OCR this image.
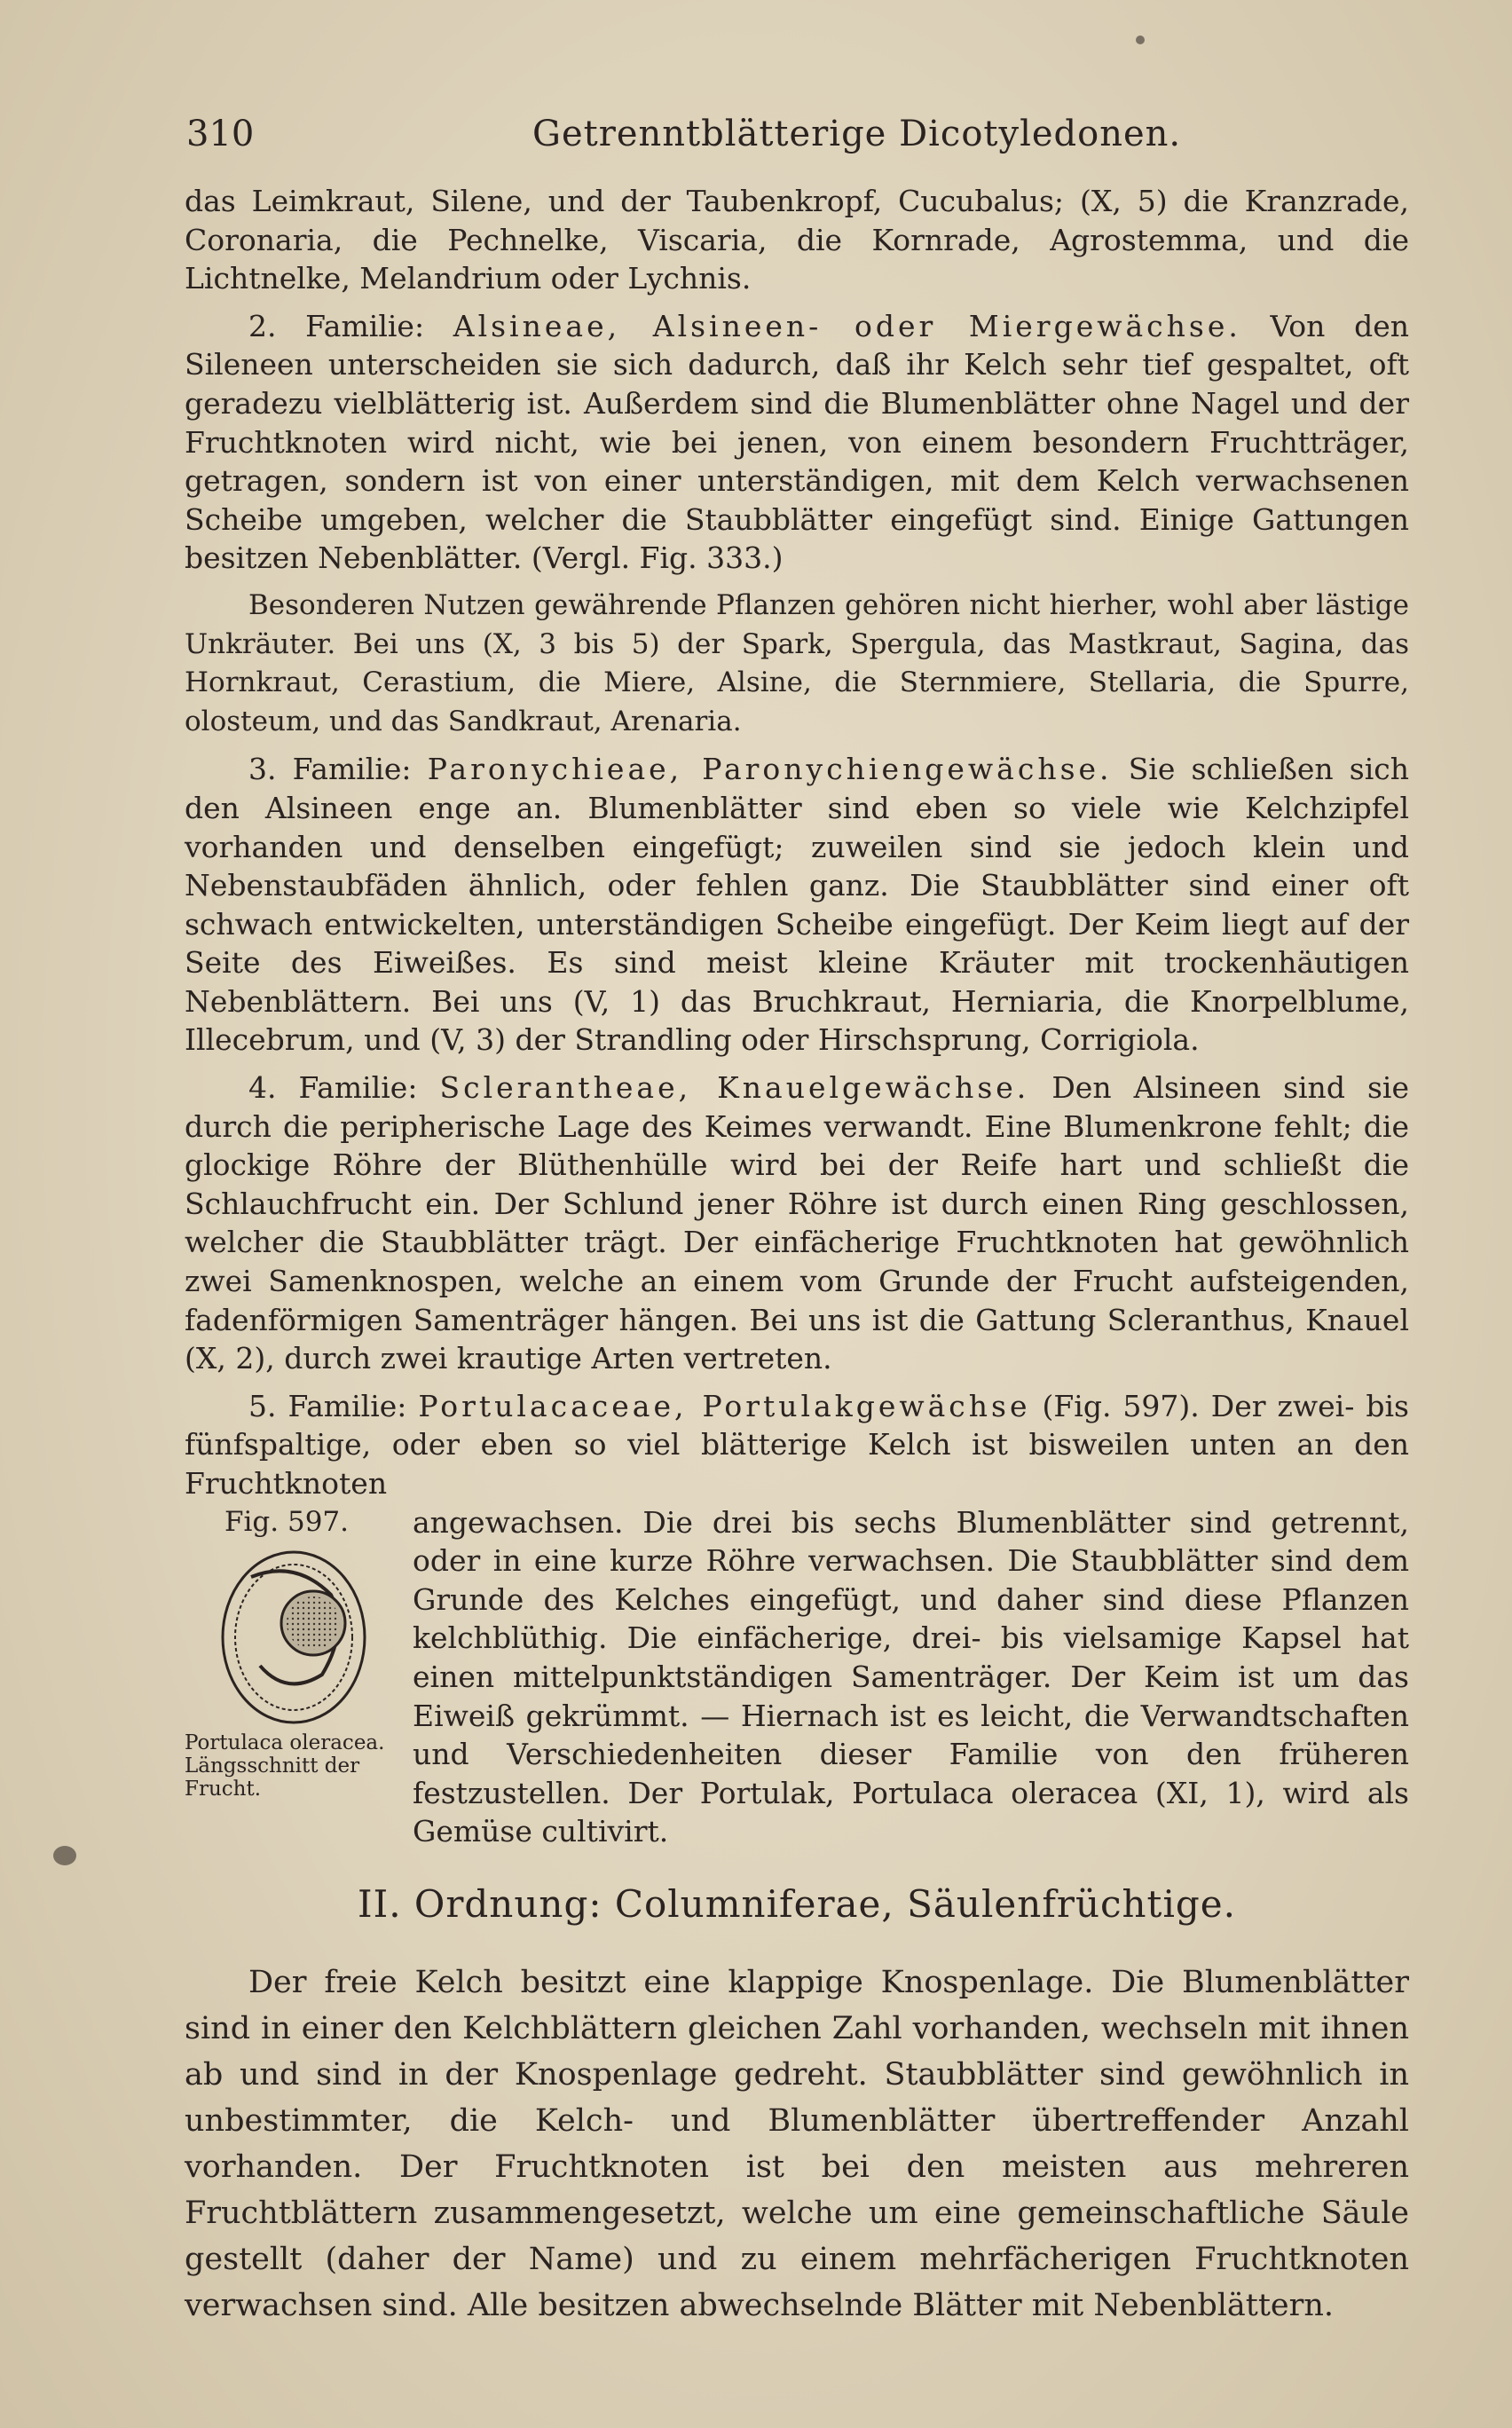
310	Getrenntblätterige Dicotyledonen.

das Leimkraut, Silene, und der Taubenkropf, Cucubalus; (X, 5) die Kranzrade, Coronaria, die Pechnelke, Viscaria, die Kornrade, Agrostemma, und die Lichtnelke, Melandrium oder Lychnis.

2. Familie: Alsineae, Alsineen- oder Miergewächse. Von den Sileneen unterscheiden sie sich dadurch, daß ihr Kelch sehr tief gespaltet, oft geradezu vielblätterig ist. Außerdem sind die Blumenblätter ohne Nagel und der Fruchtknoten wird nicht, wie bei jenen, von einem besondern Fruchtträger, getragen, sondern ist von einer unterständigen, mit dem Kelch verwachsenen Scheibe umgeben, welcher die Staubblätter eingefügt sind. Einige Gattungen besitzen Nebenblätter. (Vergl. Fig. 333.)

Besonderen Nutzen gewährende Pflanzen gehören nicht hierher, wohl aber lästige Unkräuter. Bei uns (X, 3 bis 5) der Spark, Spergula, das Mastkraut, Sagina, das Hornkraut, Cerastium, die Miere, Alsine, die Sternmiere, Stellaria, die Spurre, olosteum, und das Sandkraut, Arenaria.

3. Familie: Paronychieae, Paronychiengewächse. Sie schließen sich den Alsineen enge an. Blumenblätter sind eben so viele wie Kelchzipfel vorhanden und denselben eingefügt; zuweilen sind sie jedoch klein und Nebenstaubfäden ähnlich, oder fehlen ganz. Die Staubblätter sind einer oft schwach entwickelten, unterständigen Scheibe eingefügt. Der Keim liegt auf der Seite des Eiweißes. Es sind meist kleine Kräuter mit trockenhäutigen Nebenblättern. Bei uns (V, 1) das Bruchkraut, Herniaria, die Knorpelblume, Illecebrum, und (V, 3) der Strandling oder Hirschsprung, Corrigiola.

4. Familie: Scleranthеae, Knauelgewächse. Den Alsineen sind sie durch die peripherische Lage des Keimes verwandt. Eine Blumenkrone fehlt; die glockige Röhre der Blüthenhülle wird bei der Reife hart und schließt die Schlauchfrucht ein. Der Schlund jener Röhre ist durch einen Ring geschlossen, welcher die Staubblätter trägt. Der einfächerige Fruchtknoten hat gewöhnlich zwei Samenknospen, welche an einem vom Grunde der Frucht aufsteigenden, fadenförmigen Samenträger hängen. Bei uns ist die Gattung Scleranthus, Knauel (X, 2), durch zwei krautige Arten vertreten.

5. Familie: Portulacaceae, Portulakgewächse (Fig. 597). Der zwei- bis fünfspaltige, oder eben so viel blätterige Kelch ist bisweilen unten an den Fruchtknoten

Fig. 597.
Portulaca oleracea. Längsschnitt der Frucht.
angewachsen. Die drei bis sechs Blumenblätter sind getrennt, oder in eine kurze Röhre verwachsen. Die Staubblätter sind dem Grunde des Kelches eingefügt, und daher sind diese Pflanzen kelchblüthig. Die einfächerige, drei- bis vielsamige Kapsel hat einen mittelpunktständigen Samenträger. Der Keim ist um das Eiweiß gekrümmt. — Hiernach ist es leicht, die Verwandtschaften und Verschiedenheiten dieser Familie von den früheren festzustellen. Der Portulak, Portulaca oleracea (XI, 1), wird als Gemüse cultivirt.
II. Ordnung: Columniferae, Säulenfrüchtige.

Der freie Kelch besitzt eine klappige Knospenlage. Die Blumenblätter sind in einer den Kelchblättern gleichen Zahl vorhanden, wechseln mit ihnen ab und sind in der Knospenlage gedreht. Staubblätter sind gewöhnlich in unbestimmter, die Kelch- und Blumenblätter übertreffender Anzahl vorhanden. Der Fruchtknoten ist bei den meisten aus mehreren Fruchtblättern zusammengesetzt, welche um eine gemeinschaftliche Säule gestellt (daher der Name) und zu einem mehrfächerigen Fruchtknoten verwachsen sind. Alle besitzen abwechselnde Blätter mit Nebenblättern.
